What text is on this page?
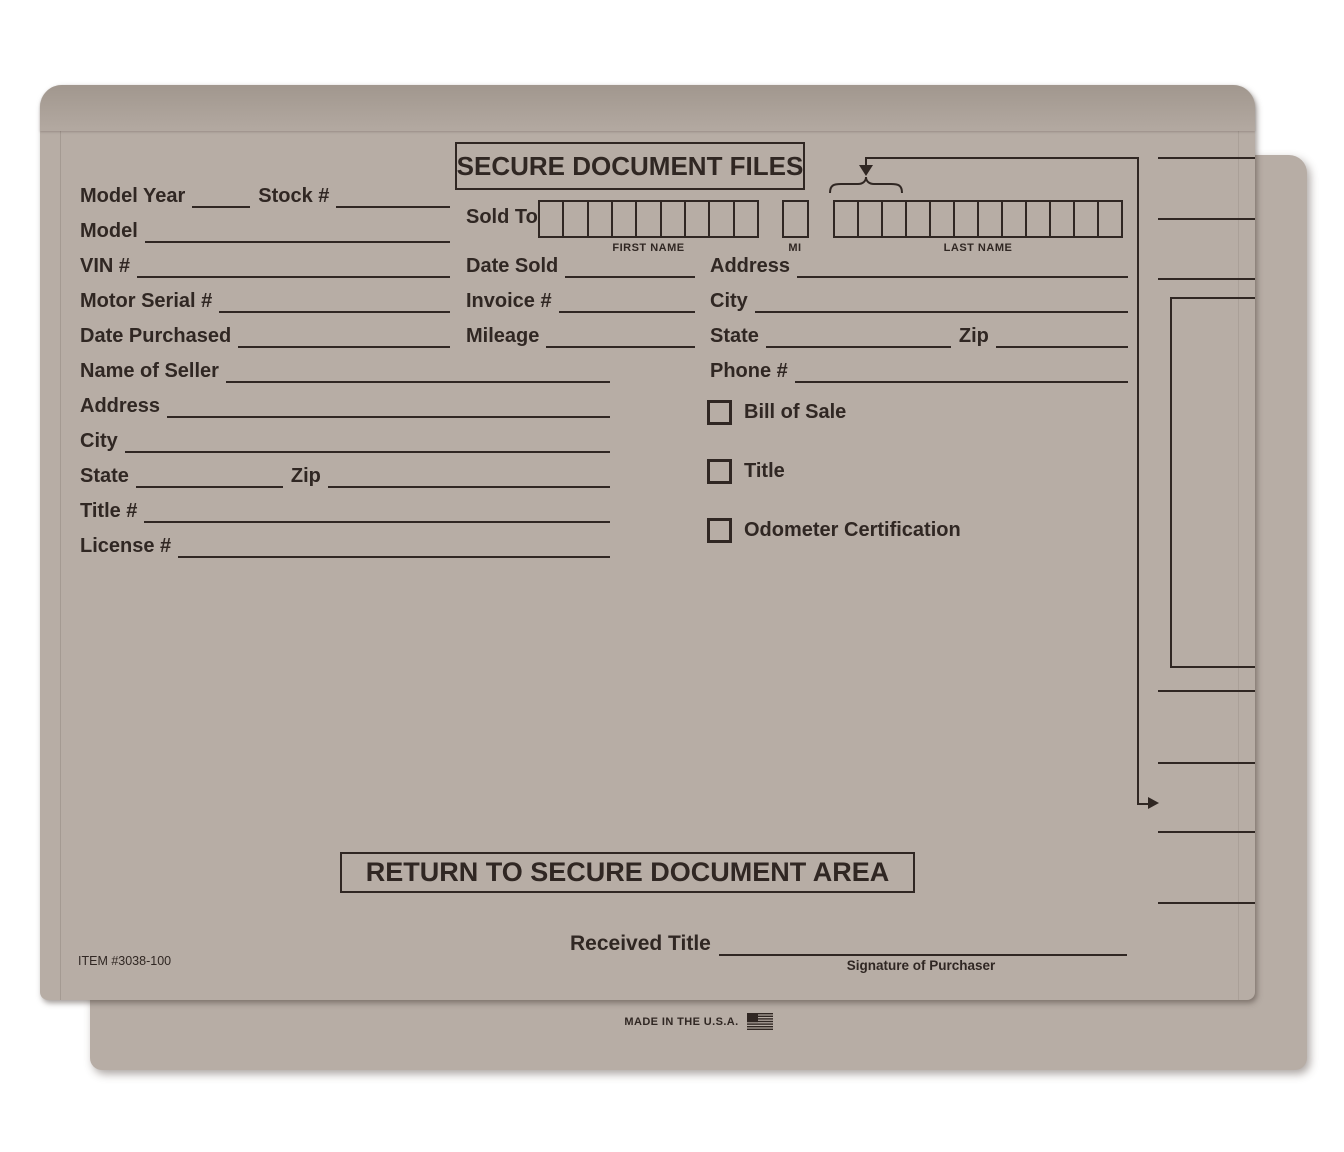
MADE IN THE U.S.A.
SECURE DOCUMENT FILES
Model Year	Stock #
Model
VIN #
Motor Serial #
Date Purchased
Name of Seller
Address
City
State	Zip
Title #
License #
Sold To
FIRST NAME	MI	LAST NAME
Date Sold
Invoice #
Mileage
Address
City
State	Zip
Phone #
Bill of Sale
Title
Odometer Certification
RETURN TO SECURE DOCUMENT AREA
Received Title
Signature of Purchaser
ITEM #3038-100
